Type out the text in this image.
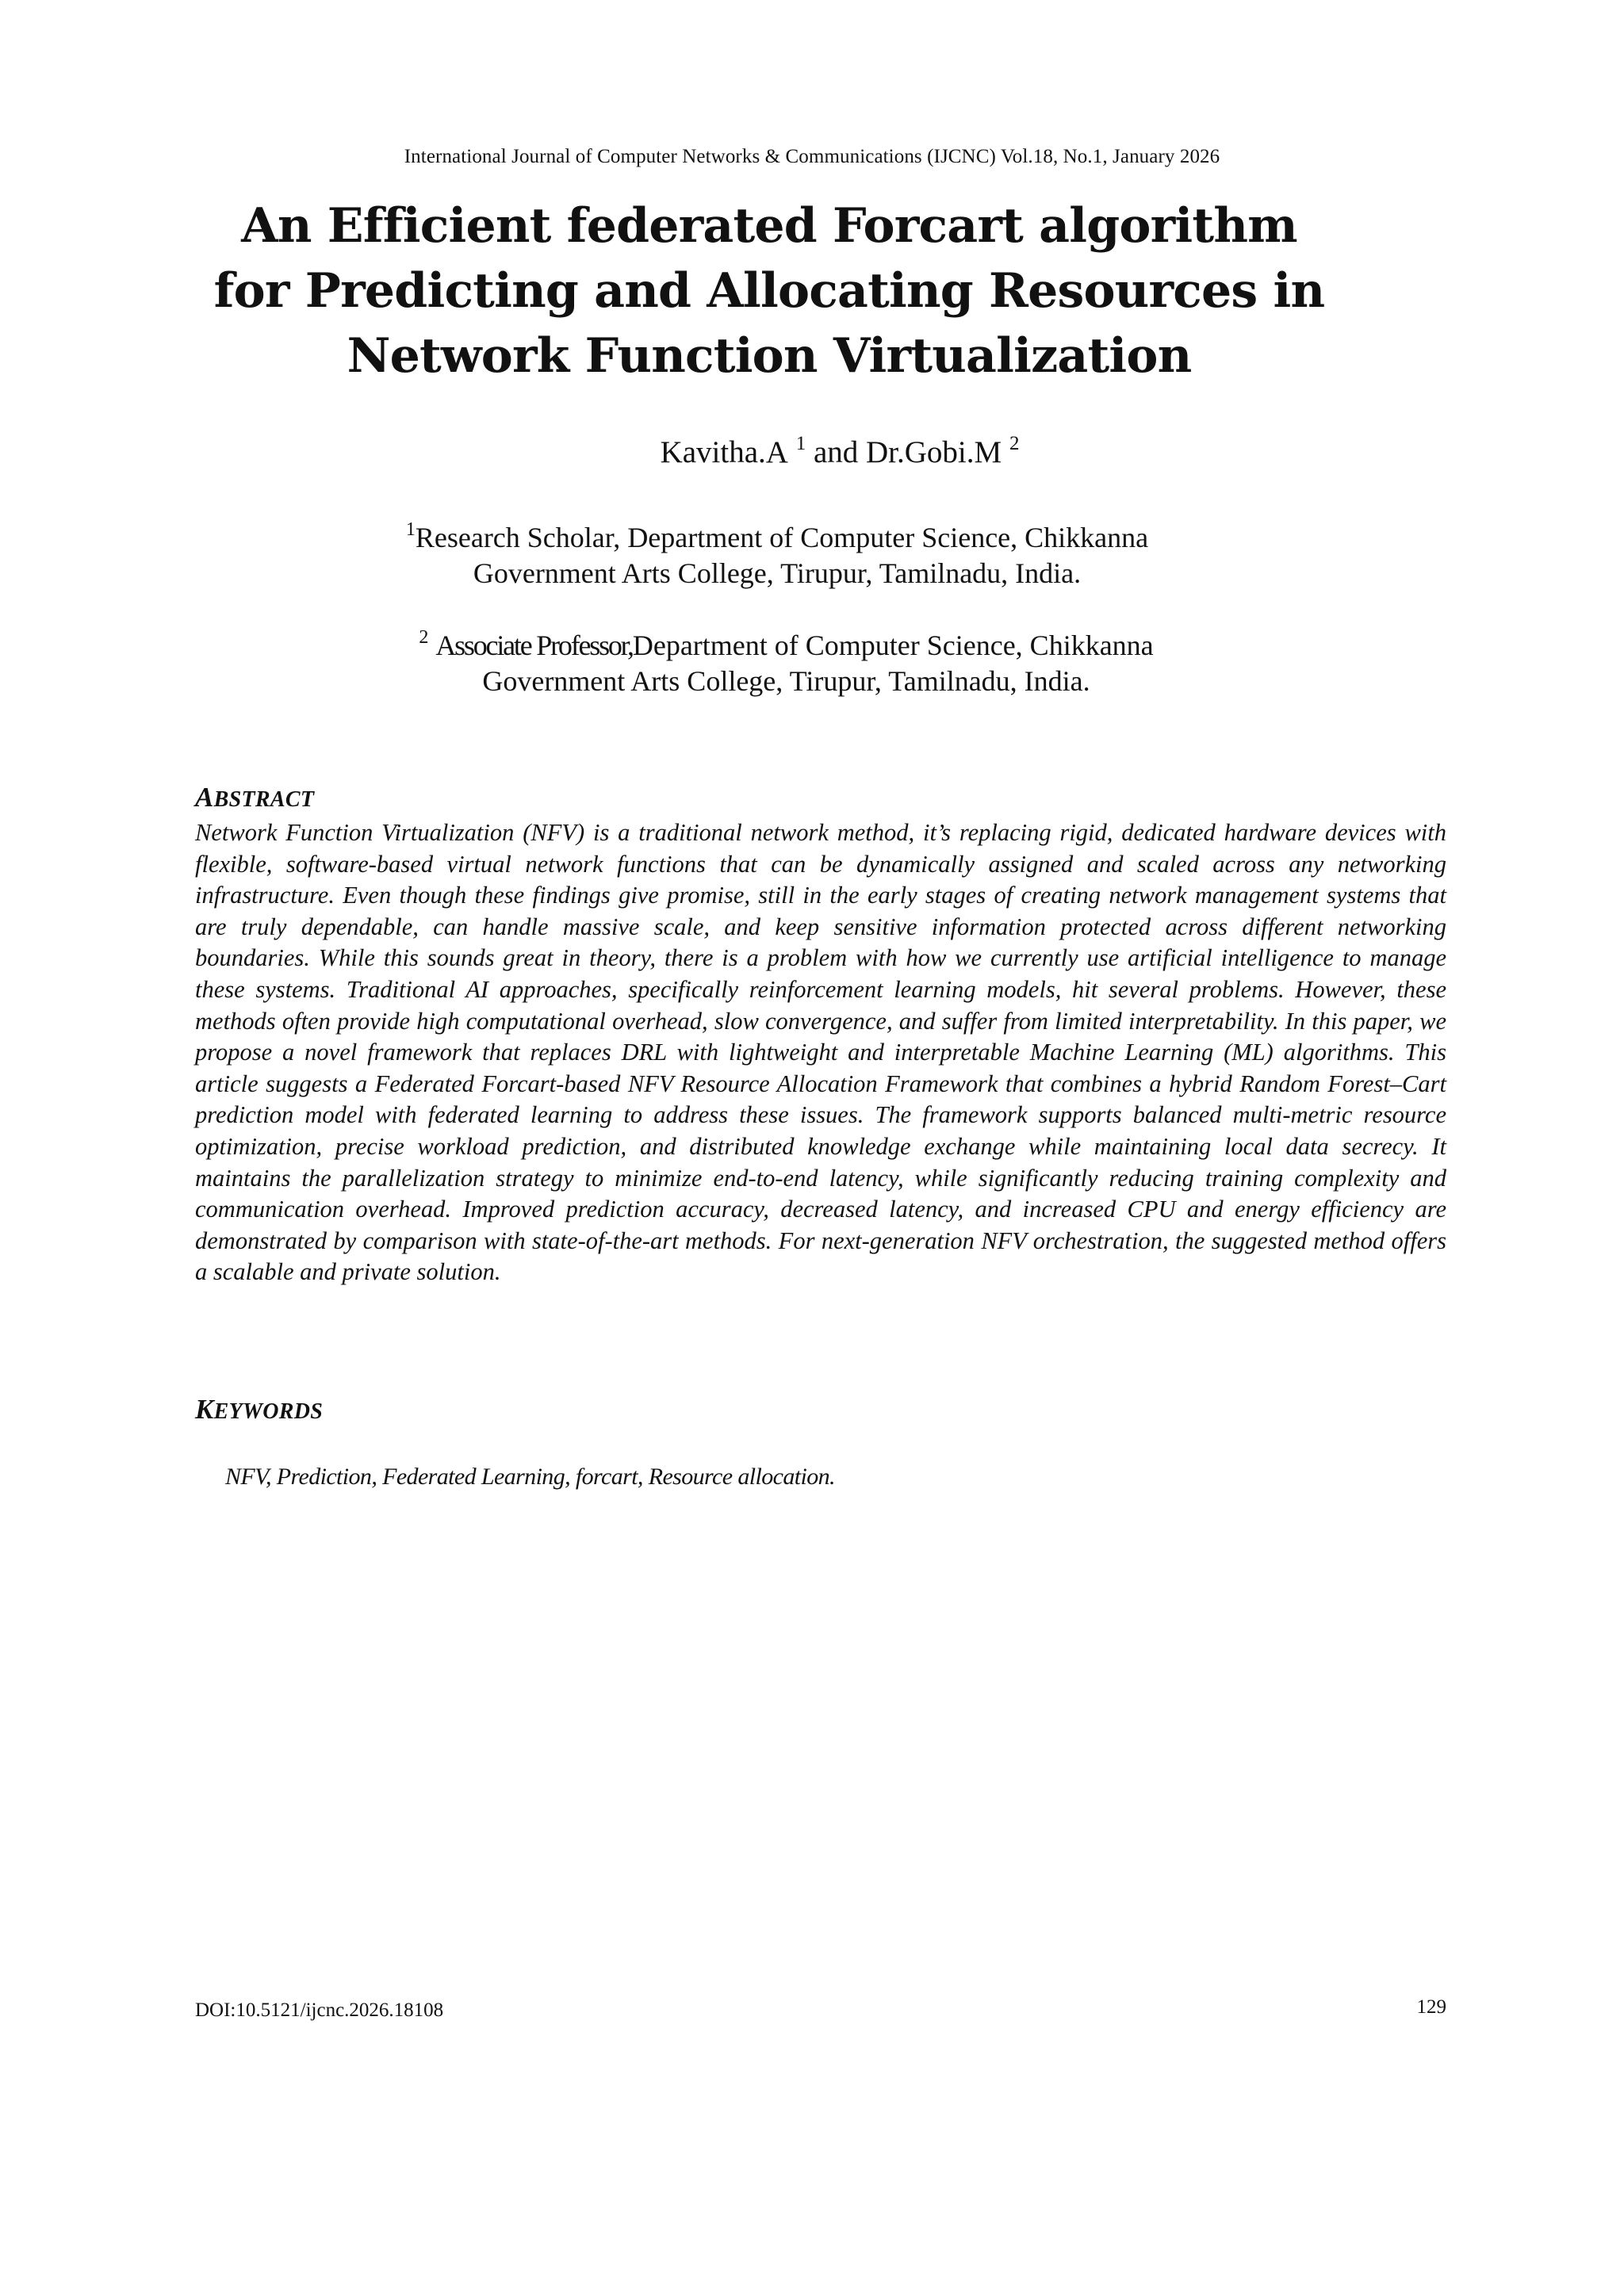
International Journal of Computer Networks & Communications (IJCNC) Vol.18, No.1, January 2026
An Efficient federated Forcart algorithm
for Predicting and Allocating Resources in
Network Function Virtualization
Kavitha.A $^1$ and Dr.Gobi.M $^2$
$^1$Research Scholar, Department of Computer Science, Chikkanna
Government Arts College, Tirupur, Tamilnadu, India.
$^2$ Associate Professor,Department of Computer Science, Chikkanna
Government Arts College, Tirupur, Tamilnadu, India.
ABSTRACT

Network Function Virtualization (NFV) is a traditional network method, it’s replacing rigid, dedicated hardware devices with flexible, software-based virtual network functions that can be dynamically assigned and scaled across any networking infrastructure. Even though these findings give promise, still in the early stages of creating network management systems that are truly dependable, can handle massive scale, and keep sensitive information protected across different networking boundaries. While this sounds great in theory, there is a problem with how we currently use artificial intelligence to manage these systems. Traditional AI approaches, specifically reinforcement learning models, hit several problems. However, these methods often provide high computational overhead, slow convergence, and suffer from limited interpretability. In this paper, we propose a novel framework that replaces DRL with lightweight and interpretable Machine Learning (ML) algorithms. This article suggests a Federated Forcart-based NFV Resource Allocation Framework that combines a hybrid Random Forest–Cart prediction model with federated learning to address these issues. The framework supports balanced multi-metric resource optimization, precise workload prediction, and distributed knowledge exchange while maintaining local data secrecy. It maintains the parallelization strategy to minimize end-to-end latency, while significantly reducing training complexity and communication overhead. Improved prediction accuracy, decreased latency, and increased CPU and energy efficiency are demonstrated by comparison with state-of-the-art methods. For next-generation NFV orchestration, the suggested method offers a scalable and private solution.

KEYWORDS

NFV, Prediction, Federated Learning, forcart, Resource allocation.

DOI:10.5121/ijcnc.2026.18108	129
